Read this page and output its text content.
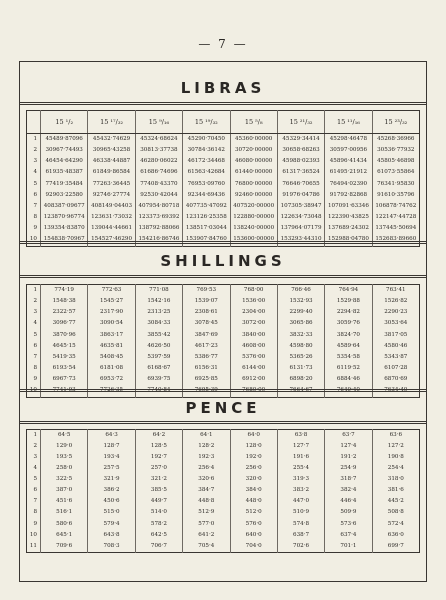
— 7 —
LIBRAS
	15 ¹/₂	15 ¹⁷/₃₂	15 ⁹/₁₆	15 ¹⁹/₃₂	15 ⁵/₈	15 ²¹/₃₂	15 ¹¹/₁₆	15 ²³/₃₂
1	45489·87096	45432·74629	45324·68624	45290·70450	45360·00000	45329·34414	45298·46478	45268·36966
2	30967·74493	30965·43258	30813·37738	30784·36142	30720·00000	30658·68263	30597·00956	30536·77932
3	46454·64290	46338·44887	46280·06022	46172·34468	46080·00000	45988·02393	45896·41434	45805·46898
4	61935·48387	61849·86584	61686·74696	61563·42684	61440·00000	61317·36524	61495·21912	61073·55864
5	77419·35484	77263·36445	77408·43370	76953·09760	76800·00000	76646·70655	76494·02390	76341·95830
6	92903·22580	92746·27774	92530·42044	92344·69436	92460·00000	91976·04786	91792·82868	91610·35796
7	408387·09677	408149·04403	407954·80718	407735·47092	407520·00000	107305·38947	107091·63346	106878·74762
8	123870·96774	123631·73032	123373·69392	123126·25358	122880·00000	122634·73048	122390·43825	122147·44728
9	139354·83870	139044·44661	138792·88066	138517·03044	138240·00000	137964·07179	137689·24302	137445·50694
10	154838·70967	154527·46290	154216·86746	153907·84760	153600·00000	153293·44310	152988·04780	152683·89660
SHILLINGS
1	774·19	772·63	771·08	769·53	768·00	766·46	764·94	763·41
2	1548·38	1545·27	1542·16	1539·07	1536·00	1532·93	1529·88	1526·82
3	2322·57	2317·90	2313·25	2308·61	2304·00	2299·40	2294·82	2290·23
4	3096·77	3090·54	3084·33	3078·45	3072·00	3065·86	3059·76	3053·64
5	3870·96	3863·17	3855·42	3847·69	3840·00	3832·33	3824·70	3817·05
6	4645·15	4635·81	4626·50	4617·23	4608·00	4598·80	4589·64	4580·46
7	5419·35	5408·45	5397·59	5386·77	5376·00	5365·26	5354·58	5343·87
8	6193·54	6181·08	6168·67	6156·31	6144·00	6131·73	6119·52	6107·28
9	6967·73	6953·72	6939·75	6925·85	6912·00	6898·20	6884·46	6870·69
10	7741·93	7726·35	7740·84	7695·39	7680·00	7664·67	7649·40	7634·40
PENCE
1	64·5	64·3	64·2	64·1	64·0	63·8	63·7	63·6
2	129·0	128·7	128·5	128·2	128·0	127·7	127·4	127·2
3	193·5	193·4	192·7	192·3	192·0	191·6	191·2	190·8
4	258·0	257·5	257·0	256·4	256·0	255·4	254·9	254·4
5	322·5	321·9	321·2	320·6	320·0	319·3	318·7	318·0
6	387·0	386·2	385·5	384·7	384·0	383·2	382·4	381·6
7	451·6	450·6	449·7	448·8	448·0	447·0	446·4	445·2
8	516·1	515·0	514·0	512·9	512·0	510·9	509·9	508·8
9	580·6	579·4	578·2	577·0	576·0	574·8	573·6	572·4
10	645·1	643·8	642·5	641·2	640·0	638·7	637·4	636·0
11	709·6	708·3	706·7	705·4	704·0	702·6	701·1	699·7
